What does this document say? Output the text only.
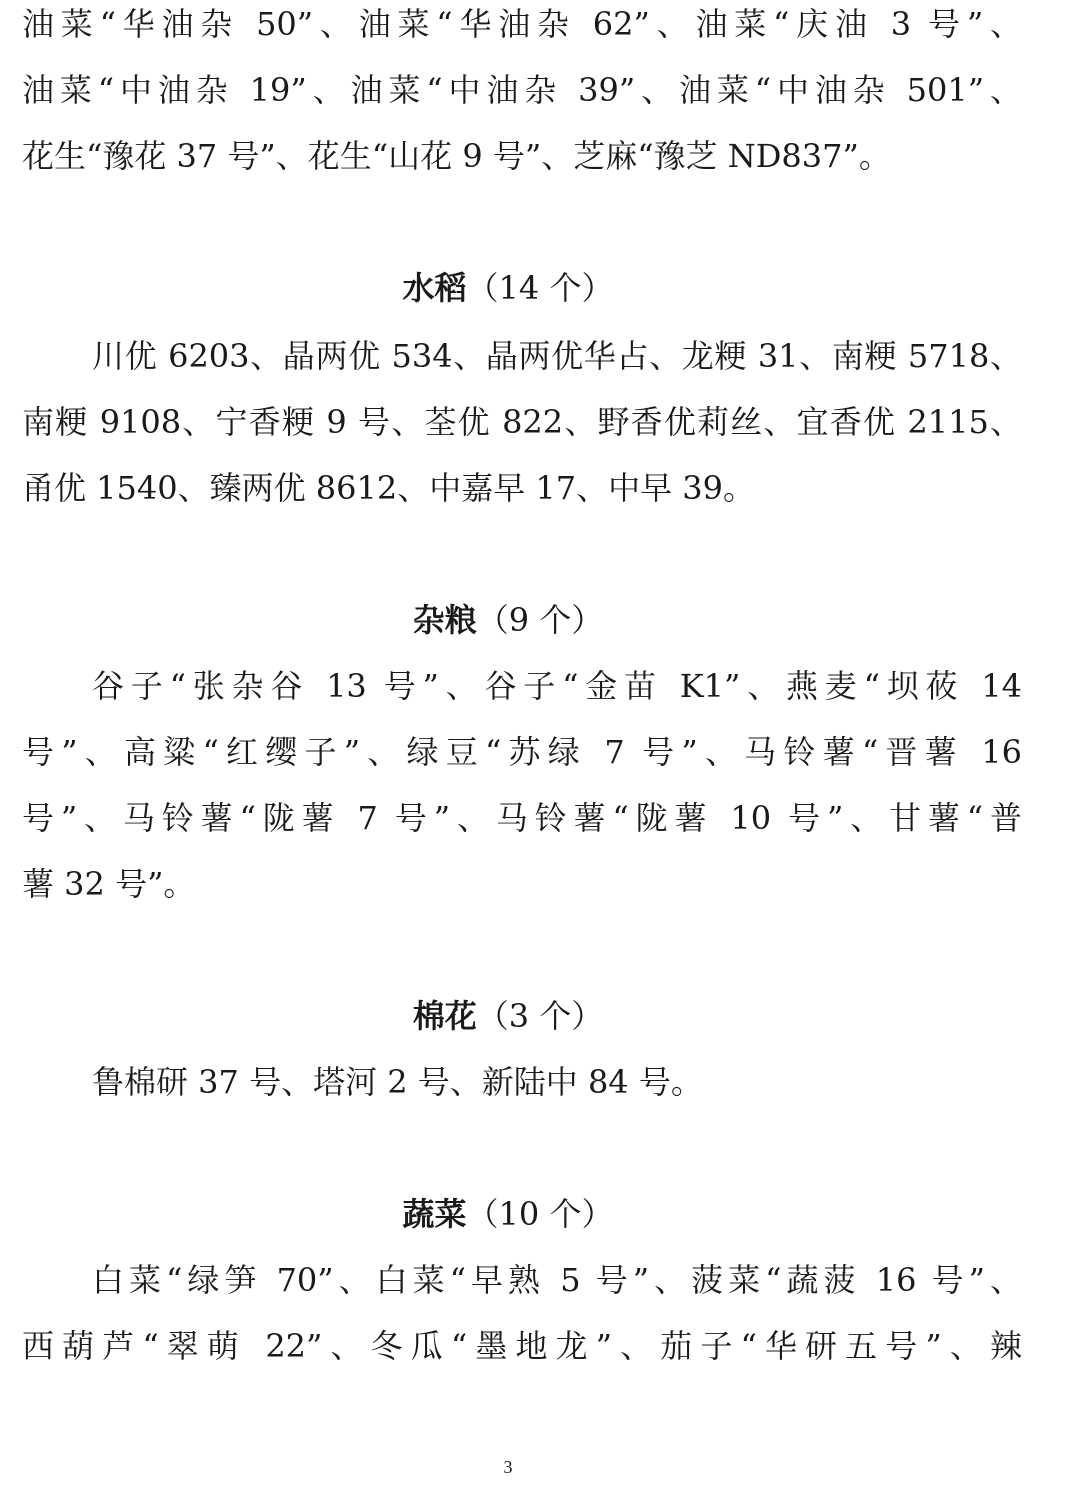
油菜“华油杂 50”、油菜“华油杂 62”、油菜“庆油 3 号”、
油菜“中油杂 19”、油菜“中油杂 39”、油菜“中油杂 501”、
花生“豫花 37 号”、花生“山花 9 号”、芝麻“豫芝 ND837”。
水稻（14 个）
川优 6203、晶两优 534、晶两优华占、龙粳 31、南粳 5718、
南粳 9108、宁香粳 9 号、荃优 822、野香优莉丝、宜香优 2115、
甬优 1540、臻两优 8612、中嘉早 17、中早 39。
杂粮（9 个）
谷子“张杂谷 13 号”、谷子“金苗 K1”、燕麦“坝莜 14
号”、高粱“红缨子”、绿豆“苏绿 7 号”、马铃薯“晋薯 16
号”、马铃薯“陇薯 7 号”、马铃薯“陇薯 10 号”、甘薯“普
薯 32 号”。
棉花（3 个）
鲁棉研 37 号、塔河 2 号、新陆中 84 号。
蔬菜（10 个）
白菜“绿笋 70”、白菜“早熟 5 号”、菠菜“蔬菠 16 号”、
西葫芦“翠萌 22”、冬瓜“墨地龙”、茄子“华研五号”、辣
3
